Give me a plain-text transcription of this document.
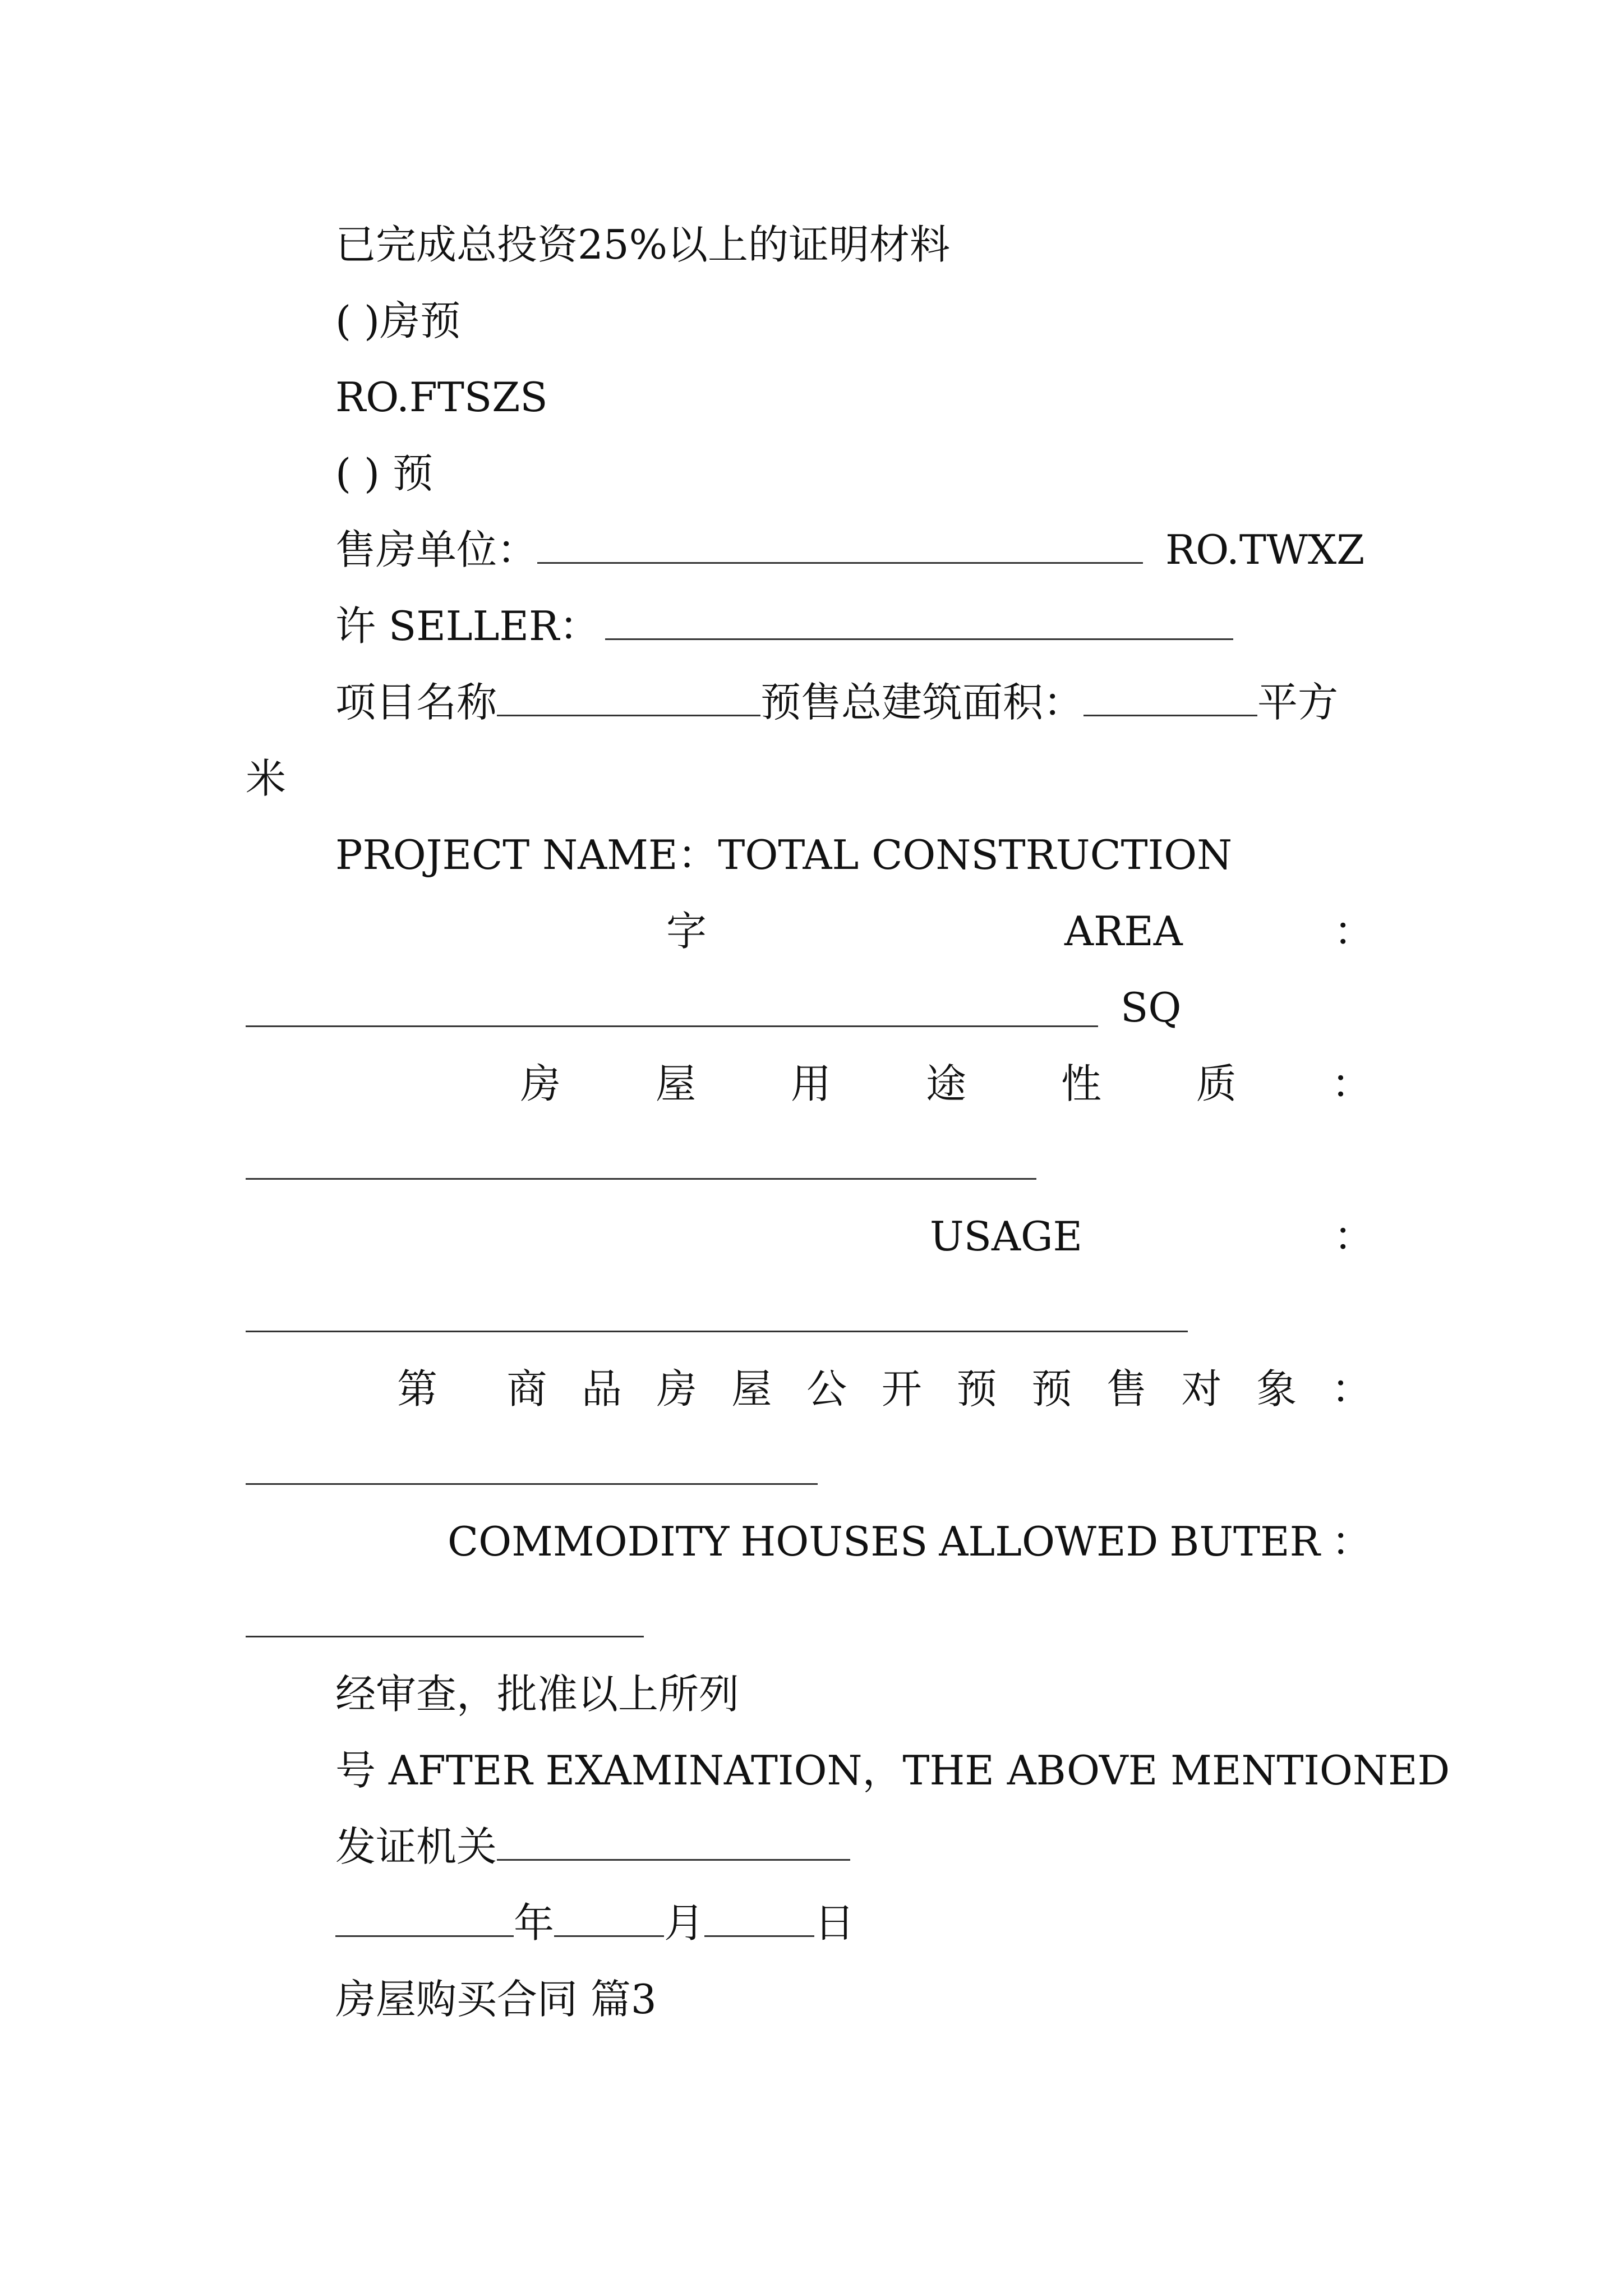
已完成总投资25%以上的证明材料
( )房预
RO.FTSZS
( ) 预
售房单位：	RO.TWXZ
许 SELLER：
项目名称	预售总建筑面积：	平方
米
PROJECT NAME：TOTAL CONSTRUCTION
字	AREA	：
SQ
房 屋 用 途 性 质 ：
USAGE	：
第 商 品 房 屋 公 开 预 预 售 对 象 ：
COMMODITY HOUSES ALLOWED BUTER ：
经审查，批准以上所列
号 AFTER EXAMINATION，THE ABOVE MENTIONED
发证机关
年	月	日
房屋购买合同 篇3
